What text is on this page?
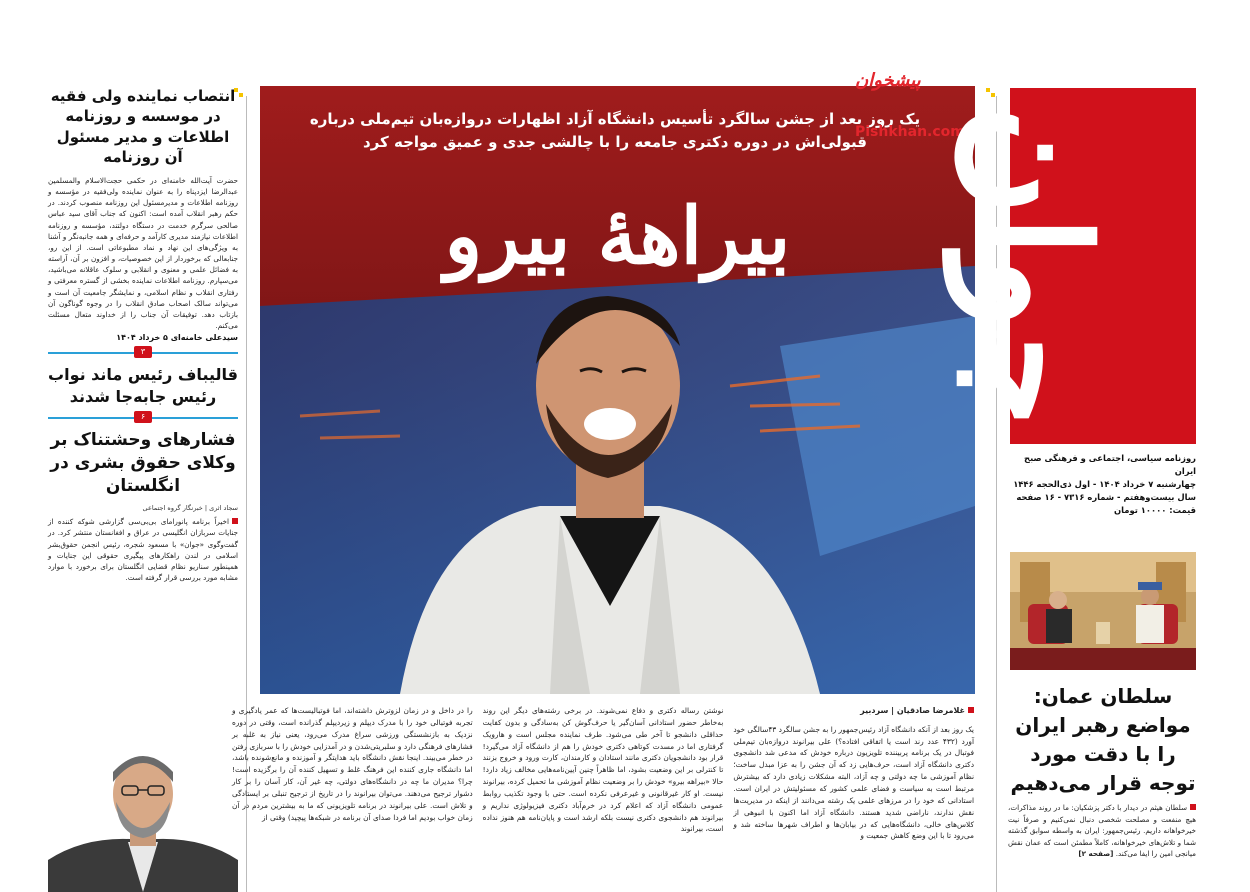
انتصاب نماینده ولی فقیه در موسسه و روزنامه اطلاعات و مدیر مسئول آن روزنامه
حضرت آیت‌الله خامنه‌ای در حکمی حجت‌الاسلام والمسلمین عبدالرضا ایزدپناه را به عنوان نماینده ولی‌فقیه در مؤسسه و روزنامه اطلاعات و مدیرمسئول این روزنامه منصوب کردند. در حکم رهبر انقلاب آمده است: اکنون که جناب آقای سید عباس صالحی سرگرم خدمت در دستگاه دولتند، مؤسسه و روزنامه اطلاعات نیازمند مدیری کارآمد و حرفه‌ای و همه جانبه‌نگر و آشنا به ویژگی‌های این نهاد و نماد مطبوعاتی است. از این رو، جنابعالی که برخوردار از این خصوصیات، و افزون بر آن، آراسته به فضائل علمی و معنوی و انقلابی و سلوک عاقلانه می‌باشید، می‌سپارم. روزنامه اطلاعات نماینده بخشی از گستره معرفتی و رفتاری انقلاب و نظام اسلامی، و نمایشگر جامعیت آن است و می‌تواند سالک اصحاب صادق انقلاب را در وجوه گوناگون آن بازتاب دهد. توفیقات آن جناب را از خداوند متعال مسئلت می‌کنم.
سیدعلی خامنه‌ای ۵ خرداد ۱۴۰۴
۳
قالیباف رئیس ماند نواب رئیس جابه‌جا شدند
۶
فشارهای وحشتناک بر وکلای حقوق بشری در انگلستان
سجاد اثری | خبرنگار گروه اجتماعی
اخیراً برنامه پانورامای بی‌بی‌سی گزارشی شوکه کننده از جنایات سربازان انگلیسی در عراق و افغانستان منتشر کرد. در گفت‌وگوی «جوان» با مسعود شجره، رئیس انجمن حقوق‌بشر اسلامی در لندن راهکارهای پیگیری حقوقی این جنایات و همینطور سناریو نظام قضایی انگلستان برای برخورد با موارد مشابه مورد بررسی قرار گرفته است.
یک روز بعد از جشن سالگرد تأسیس دانشگاه آزاد اظهارات دروازه‌بان تیم‌ملی درباره قبولی‌اش در دوره دکتری جامعه را با چالشی جدی و عمیق مواجه کرد
بیراههٔ بیرو
پیشخوان
Pishkhan.com
غلامرضا صادقیان | سردبیر
یک روز بعد از آنکه دانشگاه آزاد رئیس‌جمهور را به جشن سالگرد ۴۳سالگی خود آورد (۴۳۲ عدد رند است یا اتفاقی افتاده؟) علی بیرانوند دروازه‌بان تیم‌ملی فوتبال در یک برنامه پربیننده تلویزیون درباره خودش که مدعی شد دانشجوی دکتری دانشگاه آزاد است، حرف‌هایی زد که آن جشن را به عزا مبدل ساخت؛ نظام آموزشی ما چه دولتی و چه آزاد، البته مشکلات زیادی دارد که بیشترش مرتبط است به سیاست و فضای علمی کشور که مسئولیتش در ایران است. استادانی که خود را در مرزهای علمی یک رشته می‌دانند از اینکه در مدیریت‌ها نقش ندارند، ناراضی شدید هستند. دانشگاه آزاد اما اکنون با انبوهی از کلاس‌های خالی، دانشگاه‌هایی که در بیابان‌ها و اطراف شهرها ساخته شد و می‌رود تا با این وضع کاهش جمعیت و
نوشتن رساله دکتری و دفاع نمی‌شوند. در برخی رشته‌های دیگر این روند به‌خاطر حضور استادانی آسان‌گیر یا حرف‌گوش کن به‌سادگی و بدون کفایت حداقلی دانشجو تا آخر طی می‌شود. طرف نماینده مجلس است و هارویک گرفتاری اما در مسدت کوتاهی دکتری خودش را هم از دانشگاه آزاد می‌گیرد! قرار بود دانشجویان دکتری مانند استادان و کارمندان، کارت ورود و خروج بزنند تا کنترلی بر این وضعیت بشود، اما ظاهراً چنین آیین‌نامه‌هایی مخالف زیاد دارد! حالا «بیراهه بیرو» خودش را بر وضعیت نظام آموزشی ما تحمیل کرده، بیرانوند نیست. او کار غیرقانونی و غیرعرفی نکرده است. حتی با وجود تکذیب روابط عمومی دانشگاه آزاد که اعلام کرد در خرم‌آباد دکتری فیزیولوژی نداریم و بیرانوند هم دانشجوی دکتری نیست بلکه ارشد است و پایان‌نامه هم هنوز نداده است، بیرانوند
را در داخل و در زمان لزوترش داشته‌اند، اما فوتبالیست‌ها که عمر یادگیری و تجربه فوتبالی خود را با مدرک دیپلم و زیردیپلم گذرانده است، وقتی در دوره نزدیک به بازنشستگی ورزشی سراغ مدرک می‌رود، یعنی نیاز به غلبه بر فشارهای فرهنگی دارد و سلبریتی‌شدن و در آمدزایی خودش را با سربازی رفتن در خطر می‌بیند. اینجا نقش دانشگاه باید هدایتگر و آموزنده و مانع‌شونده باشد، اما دانشگاه جاری کننده این فرهنگ غلط و تسهیل کننده آن را برگزیده است! چرا؟ مدیران ما چه در دانشگاه‌های دولتی، چه غیر آن، کار آسان را بر کار دشوار ترجیح می‌دهند. می‌توان بیرانوند را در تاریخ از ترجیح تنبلی بر ایستادگی و تلاش است. علی بیرانوند در برنامه تلویزیونی که ما به بیشترین مردم در آن زمان خواب بودیم اما فردا صدای آن برنامه در شبکه‌ها پیچید) وقتی از
جوان
روزنامه سیاسی، اجتماعی و فرهنگی صبح ایران
چهارشنبه ۷ خرداد ۱۴۰۴ - اول ذی‌الحجه ۱۴۴۶
سال بیست‌وهفتم - شماره ۷۳۱۶ - ۱۶ صفحه
قیمت: ۱۰۰۰۰ تومان
سلطان عمان: مواضع رهبر ایران را با دقت مورد توجه قرار می‌دهیم
سلطان هیثم در دیدار با دکتر پزشکیان: ما در روند مذاکرات، هیچ منفعت و مصلحت شخصی دنبال نمی‌کنیم و صرفاً نیت خیرخواهانه داریم. رئیس‌جمهور: ایران به واسطه سوابق گذشته شما و تلاش‌های خیرخواهانه، کاملاً مطمئن است که عمان نقش میانجی امین را ایفا می‌کند. [صفحه ۲]
